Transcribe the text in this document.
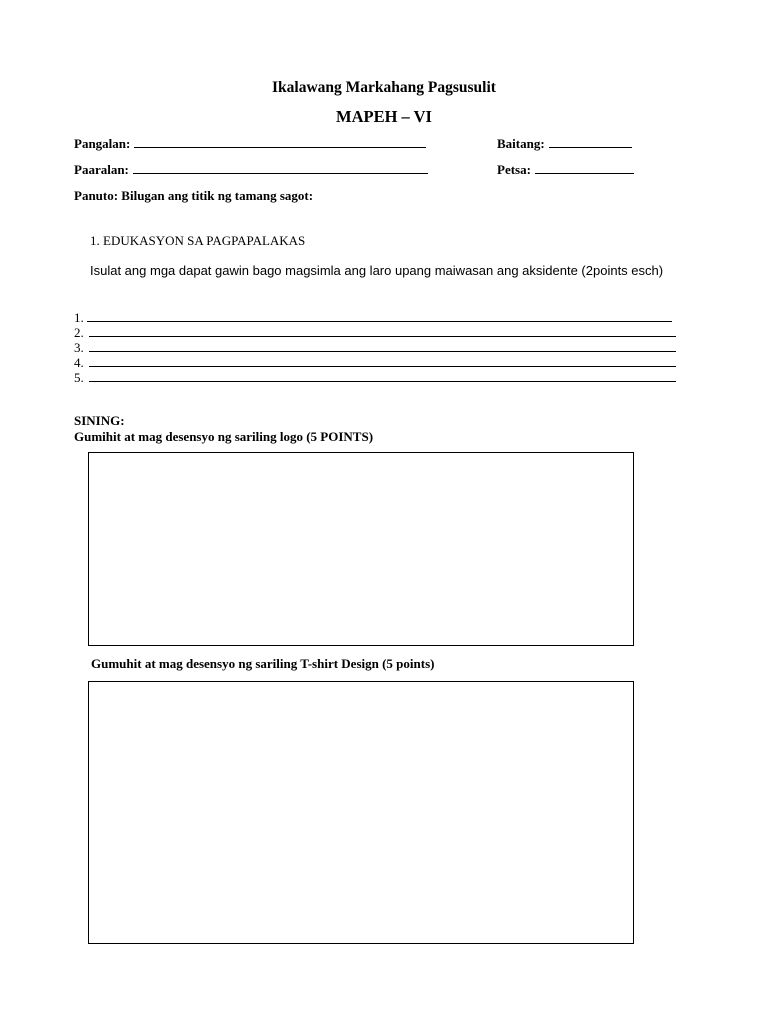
Ikalawang Markahang Pagsusulit
MAPEH – VI
Pangalan:	Baitang:
Paaralan:	Petsa:
Panuto: Bilugan ang titik ng tamang sagot:
1. EDUKASYON SA PAGPAPALAKAS
Isulat ang mga dapat gawin bago magsimla ang laro upang maiwasan ang aksidente (2points esch)
1.
2.
3.
4.
5.
SINING:
Gumihit at mag desensyo ng sariling logo (5 POINTS)
Gumuhit at mag desensyo ng sariling T-shirt Design (5 points)
